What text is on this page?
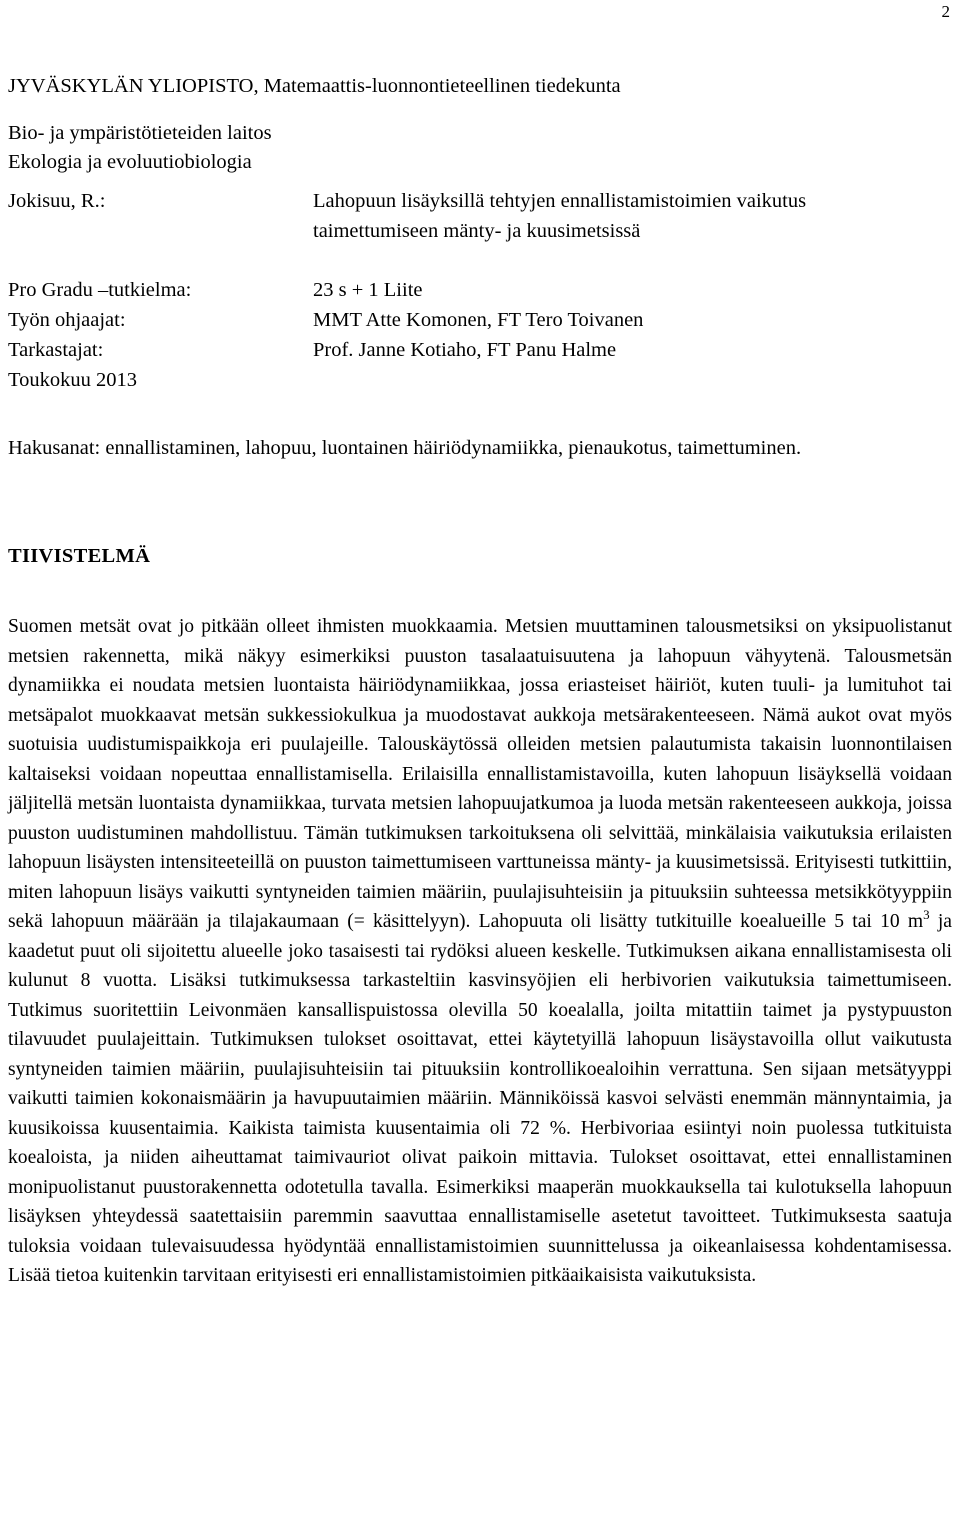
2
JYVÄSKYLÄN YLIOPISTO, Matemaattis-luonnontieteellinen tiedekunta
Bio- ja ympäristötieteiden laitos
Ekologia ja evoluutiobiologia
Jokisuu, R.:	Lahopuun lisäyksillä tehtyjen ennallistamistoimien vaikutus
taimettumiseen mänty- ja kuusimetsissä
Pro Gradu –tutkielma:	23 s + 1 Liite
Työn ohjaajat:	MMT Atte Komonen, FT Tero Toivanen
Tarkastajat:	Prof. Janne Kotiaho, FT Panu Halme
Toukokuu 2013
Hakusanat: ennallistaminen, lahopuu, luontainen häiriödynamiikka, pienaukotus, taimettuminen.
TIIVISTELMÄ

Suomen metsät ovat jo pitkään olleet ihmisten muokkaamia. Metsien muuttaminen talousmetsiksi on yksipuolistanut metsien rakennetta, mikä näkyy esimerkiksi puuston tasalaatuisuutena ja lahopuun vähyytenä. Talousmetsän dynamiikka ei noudata metsien luontaista häiriödynamiikkaa, jossa eriasteiset häiriöt, kuten tuuli- ja lumituhot tai metsäpalot muokkaavat metsän sukkessiokulkua ja muodostavat aukkoja metsärakenteeseen. Nämä aukot ovat myös suotuisia uudistumispaikkoja eri puulajeille. Talouskäytössä olleiden metsien palautumista takaisin luonnontilaisen kaltaiseksi voidaan nopeuttaa ennallistamisella. Erilaisilla ennallistamistavoilla, kuten lahopuun lisäyksellä voidaan jäljitellä metsän luontaista dynamiikkaa, turvata metsien lahopuujatkumoa ja luoda metsän rakenteeseen aukkoja, joissa puuston uudistuminen mahdollistuu. Tämän tutkimuksen tarkoituksena oli selvittää, minkälaisia vaikutuksia erilaisten lahopuun lisäysten intensiteeteillä on puuston taimettumiseen varttuneissa mänty- ja kuusimetsissä. Erityisesti tutkittiin, miten lahopuun lisäys vaikutti syntyneiden taimien määriin, puulajisuhteisiin ja pituuksiin suhteessa metsikkötyyppiin sekä lahopuun määrään ja tilajakaumaan (= käsittelyyn). Lahopuuta oli lisätty tutkituille koealueille 5 tai 10 $m^3$ ja kaadetut puut oli sijoitettu alueelle joko tasaisesti tai rydöksi alueen keskelle. Tutkimuksen aikana ennallistamisesta oli kulunut 8 vuotta. Lisäksi tutkimuksessa tarkasteltiin kasvinsyöjien eli herbivorien vaikutuksia taimettumiseen. Tutkimus suoritettiin Leivonmäen kansallispuistossa olevilla 50 koealalla, joilta mitattiin taimet ja pystypuuston tilavuudet puulajeittain. Tutkimuksen tulokset osoittavat, ettei käytetyillä lahopuun lisäystavoilla ollut vaikutusta syntyneiden taimien määriin, puulajisuhteisiin tai pituuksiin kontrollikoealoihin verrattuna. Sen sijaan metsätyyppi vaikutti taimien kokonaismäärin ja havupuutaimien määriin. Männiköissä kasvoi selvästi enemmän männyntaimia, ja kuusikoissa kuusentaimia. Kaikista taimista kuusentaimia oli 72 %. Herbivoriaa esiintyi noin puolessa tutkituista koealoista, ja niiden aiheuttamat taimivauriot olivat paikoin mittavia. Tulokset osoittavat, ettei ennallistaminen monipuolistanut puustorakennetta odotetulla tavalla. Esimerkiksi maaperän muokkauksella tai kulotuksella lahopuun lisäyksen yhteydessä saatettaisiin paremmin saavuttaa ennallistamiselle asetetut tavoitteet. Tutkimuksesta saatuja tuloksia voidaan tulevaisuudessa hyödyntää ennallistamistoimien suunnittelussa ja oikeanlaisessa kohdentamisessa. Lisää tietoa kuitenkin tarvitaan erityisesti eri ennallistamistoimien pitkäaikaisista vaikutuksista.
